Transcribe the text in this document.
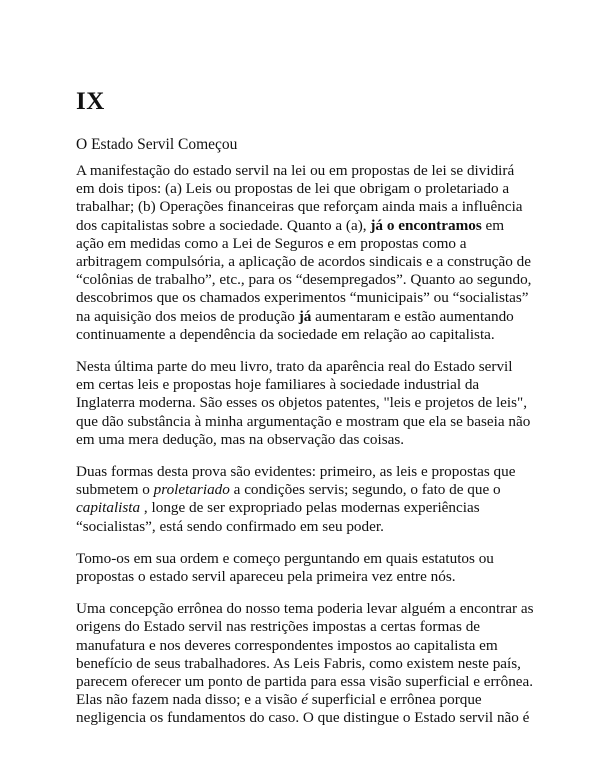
IX

O Estado Servil Começou

A manifestação do estado servil na lei ou em propostas de lei se dividirá em dois tipos: (a) Leis ou propostas de lei que obrigam o proletariado a trabalhar; (b) Operações financeiras que reforçam ainda mais a influência dos capitalistas sobre a sociedade. Quanto a (a), já o encontramos em ação em medidas como a Lei de Seguros e em propostas como a arbitragem compulsória, a aplicação de acordos sindicais e a construção de “colônias de trabalho”, etc., para os “desempregados”. Quanto ao segundo, descobrimos que os chamados experimentos “municipais” ou “socialistas” na aquisição dos meios de produção já aumentaram e estão aumentando continuamente a dependência da sociedade em relação ao capitalista.

Nesta última parte do meu livro, trato da aparência real do Estado servil em certas leis e propostas hoje familiares à sociedade industrial da Inglaterra moderna. São esses os objetos patentes, "leis e projetos de leis", que dão substância à minha argumentação e mostram que ela se baseia não em uma mera dedução, mas na observação das coisas.

Duas formas desta prova são evidentes: primeiro, as leis e propostas que submetem o proletariado a condições servis; segundo, o fato de que o capitalista , longe de ser expropriado pelas modernas experiências “socialistas”, está sendo confirmado em seu poder.

Tomo-os em sua ordem e começo perguntando em quais estatutos ou propostas o estado servil apareceu pela primeira vez entre nós.

Uma concepção errônea do nosso tema poderia levar alguém a encontrar as origens do Estado servil nas restrições impostas a certas formas de manufatura e nos deveres correspondentes impostos ao capitalista em benefício de seus trabalhadores. As Leis Fabris, como existem neste país, parecem oferecer um ponto de partida para essa visão superficial e errônea. Elas não fazem nada disso; e a visão é superficial e errônea porque negligencia os fundamentos do caso. O que distingue o Estado servil não é
